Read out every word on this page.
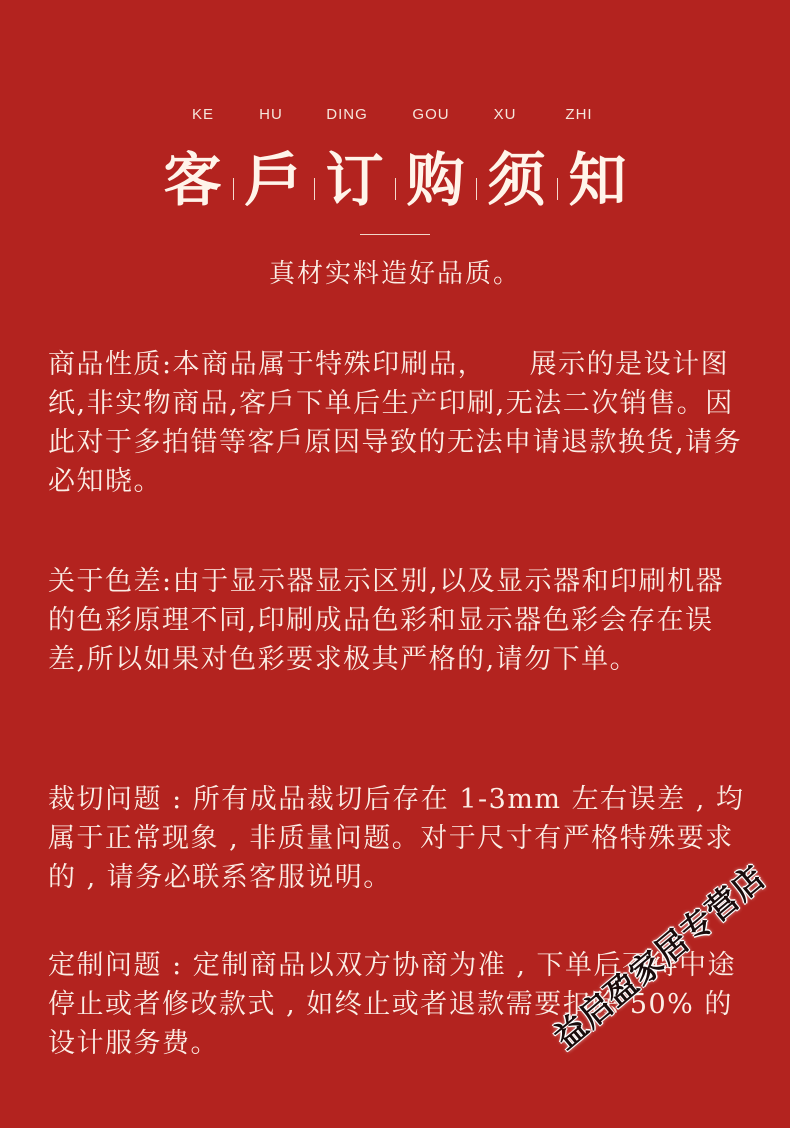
KE	HU	DING	GOU	XU	ZHI
客 戶 订 购 须 知
真材实料造好品质。
商品性质:本商品属于特殊印刷品，　　展示的是设计图纸,非实物商品,客戶下单后生产印刷,无法二次销售。因此对于多拍错等客戶原因导致的无法申请退款换货,请务必知晓。
关于色差:由于显示器显示区别,以及显示器和印刷机器的色彩原理不同,印刷成品色彩和显示器色彩会存在误差,所以如果对色彩要求极其严格的,请勿下单。
裁切问题 : 所有成品裁切后存在 1-3mm 左右误差 , 均属于正常现象 , 非质量问题。对于尺寸有严格特殊要求的 , 请务必联系客服说明。
定制问题 : 定制商品以双方协商为准 , 下单后不得中途停止或者修改款式 , 如终止或者退款需要扣除 50% 的设计服务费。	益启盈家居专营店
